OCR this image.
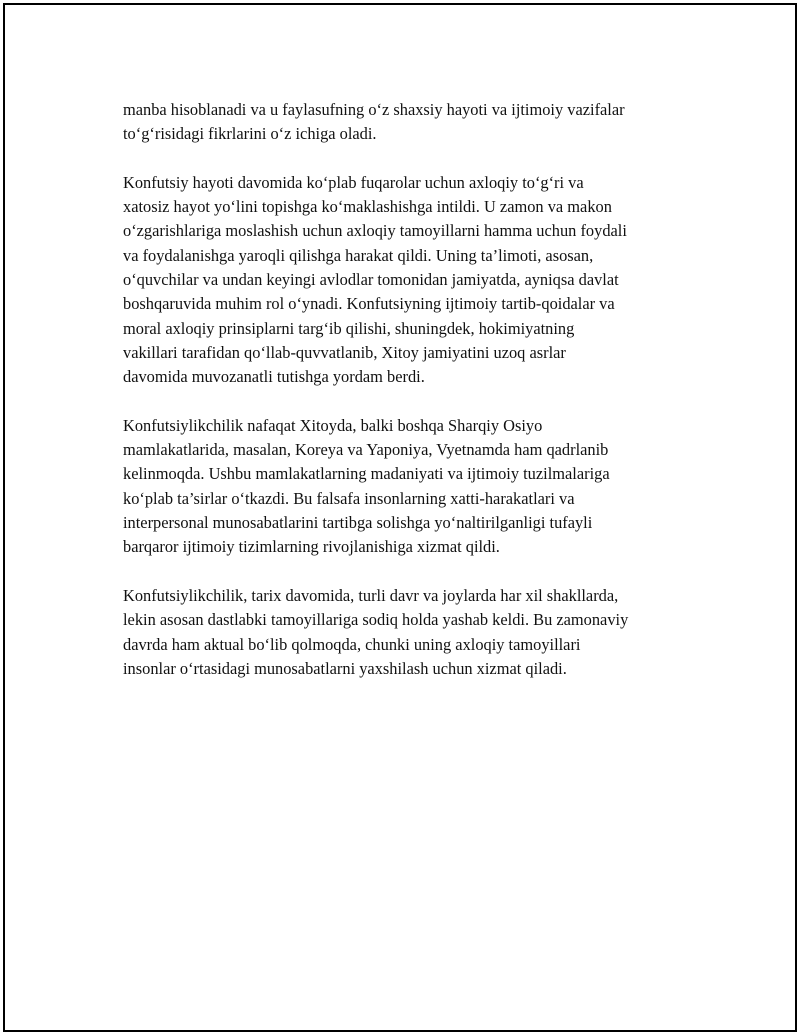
manba hisoblanadi va u faylasufning o‘z shaxsiy hayoti va ijtimoiy vazifalar
to‘g‘risidagi fikrlarini o‘z ichiga oladi.

Konfutsiy hayoti davomida ko‘plab fuqarolar uchun axloqiy to‘g‘ri va
xatosiz hayot yo‘lini topishga ko‘maklashishga intildi. U zamon va makon
o‘zgarishlariga moslashish uchun axloqiy tamoyillarni hamma uchun foydali
va foydalanishga yaroqli qilishga harakat qildi. Uning ta’limoti, asosan,
o‘quvchilar va undan keyingi avlodlar tomonidan jamiyatda, ayniqsa davlat
boshqaruvida muhim rol o‘ynadi. Konfutsiyning ijtimoiy tartib-qoidalar va
moral axloqiy prinsiplarni targ‘ib qilishi, shuningdek, hokimiyatning
vakillari tarafidan qo‘llab-quvvatlanib, Xitoy jamiyatini uzoq asrlar
davomida muvozanatli tutishga yordam berdi.

Konfutsiylikchilik nafaqat Xitoyda, balki boshqa Sharqiy Osiyo
mamlakatlarida, masalan, Koreya va Yaponiya, Vyetnamda ham qadrlanib
kelinmoqda. Ushbu mamlakatlarning madaniyati va ijtimoiy tuzilmalariga
ko‘plab ta’sirlar o‘tkazdi. Bu falsafa insonlarning xatti-harakatlari va
interpersonal munosabatlarini tartibga solishga yo‘naltirilganligi tufayli
barqaror ijtimoiy tizimlarning rivojlanishiga xizmat qildi.

Konfutsiylikchilik, tarix davomida, turli davr va joylarda har xil shakllarda,
lekin asosan dastlabki tamoyillariga sodiq holda yashab keldi. Bu zamonaviy
davrda ham aktual bo‘lib qolmoqda, chunki uning axloqiy tamoyillari
insonlar o‘rtasidagi munosabatlarni yaxshilash uchun xizmat qiladi.
